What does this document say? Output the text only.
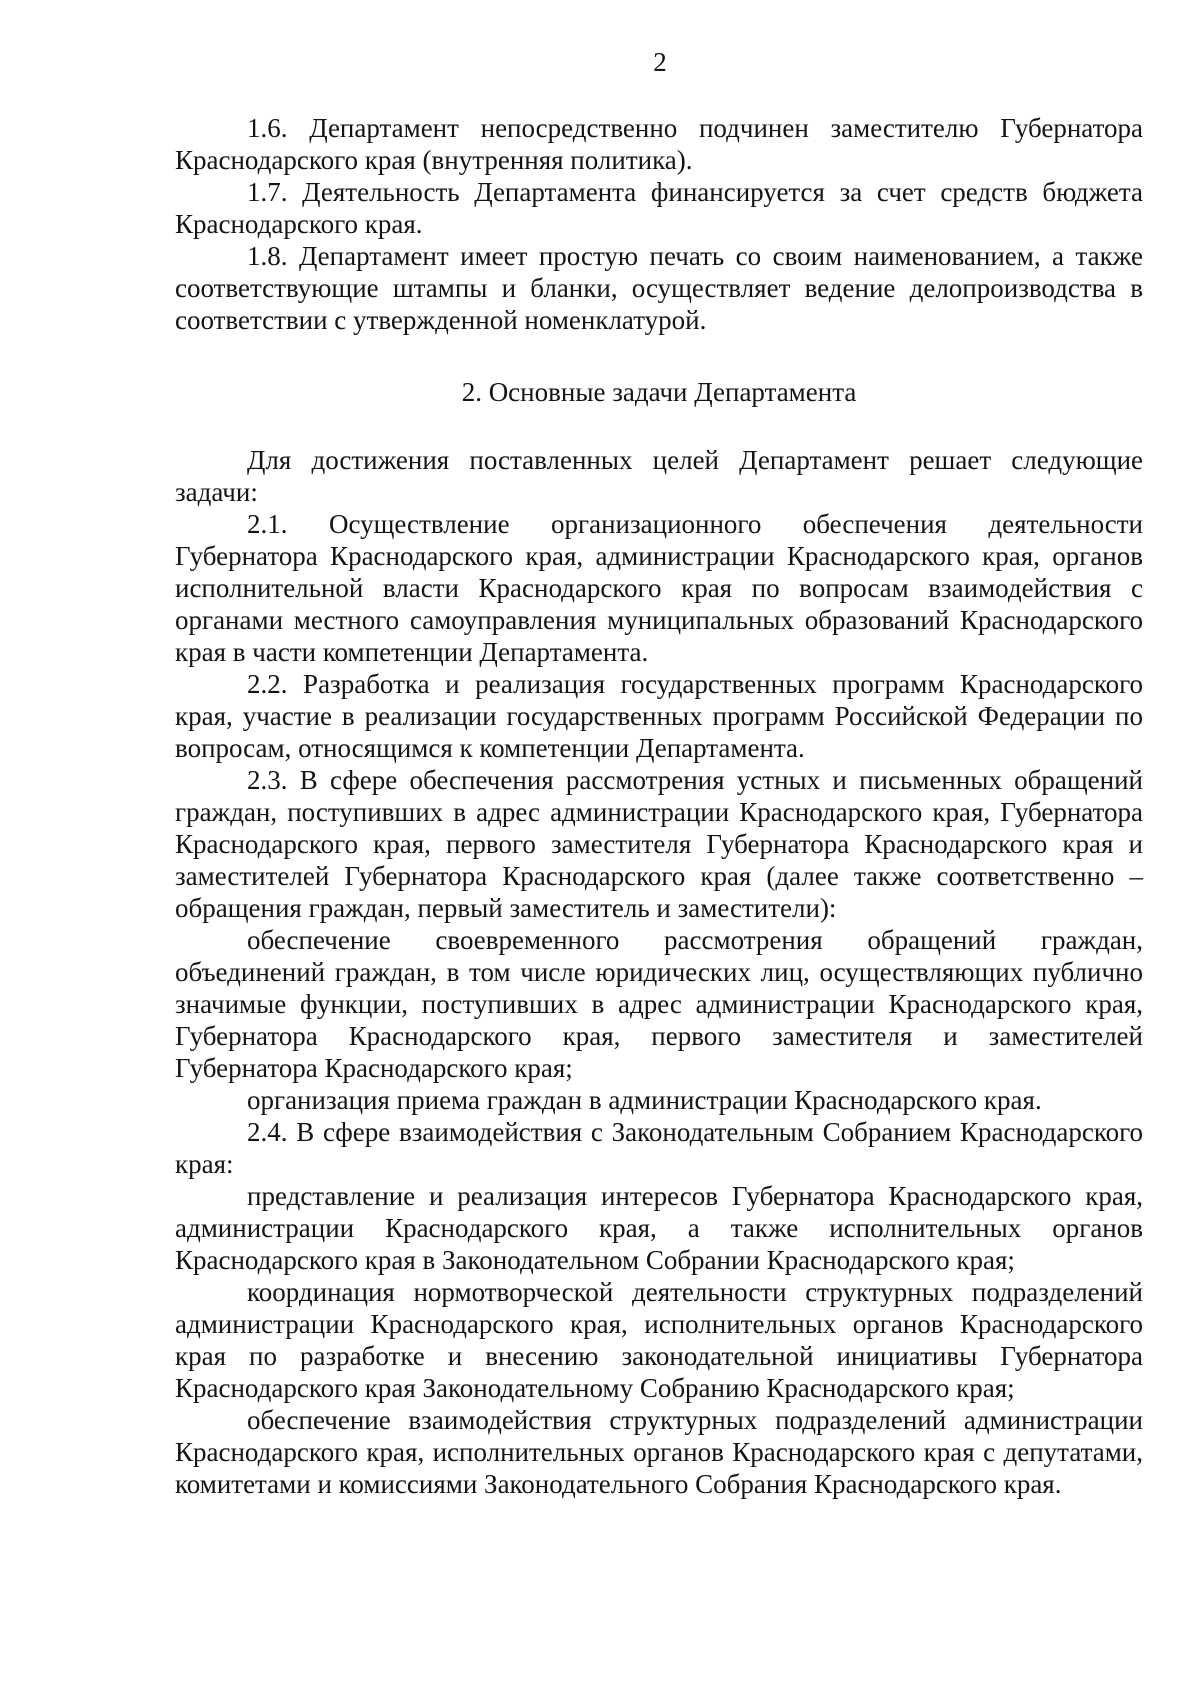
2

1.6. Департамент непосредственно подчинен заместителю Губернатора Краснодарского края (внутренняя политика).

1.7. Деятельность Департамента финансируется за счет средств бюджета Краснодарского края.

1.8. Департамент имеет простую печать со своим наименованием, а также соответствующие штампы и бланки, осуществляет ведение делопроизводства в соответствии с утвержденной номенклатурой.

2. Основные задачи Департамента

Для достижения поставленных целей Департамент решает следующие задачи:

2.1. Осуществление организационного обеспечения деятельности Губернатора Краснодарского края, администрации Краснодарского края, органов исполнительной власти Краснодарского края по вопросам взаимодействия с органами местного самоуправления муниципальных образований Краснодарского края в части компетенции Департамента.

2.2. Разработка и реализация государственных программ Краснодарского края, участие в реализации государственных программ Российской Федерации по вопросам, относящимся к компетенции Департамента.

2.3. В сфере обеспечения рассмотрения устных и письменных обращений граждан, поступивших в адрес администрации Краснодарского края, Губернатора Краснодарского края, первого заместителя Губернатора Краснодарского края и заместителей Губернатора Краснодарского края (далее также соответственно – обращения граждан, первый заместитель и заместители):

обеспечение своевременного рассмотрения обращений граждан, объединений граждан, в том числе юридических лиц, осуществляющих публично значимые функции, поступивших в адрес администрации Краснодарского края, Губернатора Краснодарского края, первого заместителя и заместителей Губернатора Краснодарского края;

организация приема граждан в администрации Краснодарского края.

2.4. В сфере взаимодействия с Законодательным Собранием Краснодарского края:

представление и реализация интересов Губернатора Краснодарского края, администрации Краснодарского края, а также исполнительных органов Краснодарского края в Законодательном Собрании Краснодарского края;

координация нормотворческой деятельности структурных подразделений администрации Краснодарского края, исполнительных органов Краснодарского края по разработке и внесению законодательной инициативы Губернатора Краснодарского края Законодательному Собранию Краснодарского края;

обеспечение взаимодействия структурных подразделений администрации Краснодарского края, исполнительных органов Краснодарского края с депутатами, комитетами и комиссиями Законодательного Собрания Краснодарского края.
